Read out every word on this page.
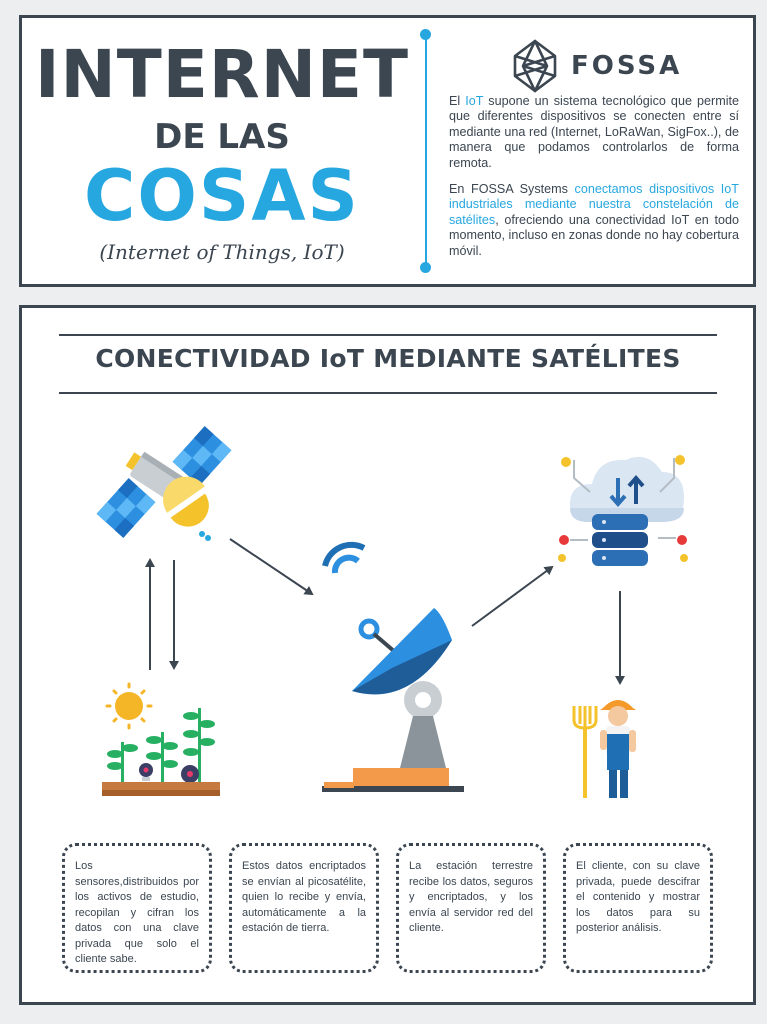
INTERNET
DE LAS
COSAS
(Internet of Things, IoT)
FOSSA
El IoT supone un sistema tecnológico que permite que diferentes dispositivos se conecten entre sí mediante una red (Internet, LoRaWan, SigFox..), de manera que podamos controlarlos de forma remota.
En FOSSA Systems conectamos dispositivos IoT industriales mediante nuestra constelación de satélites, ofreciendo una conectividad IoT en todo momento, incluso en zonas donde no hay cobertura móvil.
CONECTIVIDAD IoT MEDIANTE SATÉLITES
Los sensores,distribuidos por los activos de estudio, recopilan y cifran los datos con una clave privada que solo el cliente sabe.
Estos datos encriptados se envían al picosatélite, quien lo recibe y envía, automáticamente a la estación de tierra.
La estación terrestre recibe los datos, seguros y encriptados, y los envía al servidor red del cliente.
El cliente, con su clave privada, puede descifrar el contenido y mostrar los datos para su posterior análisis.
